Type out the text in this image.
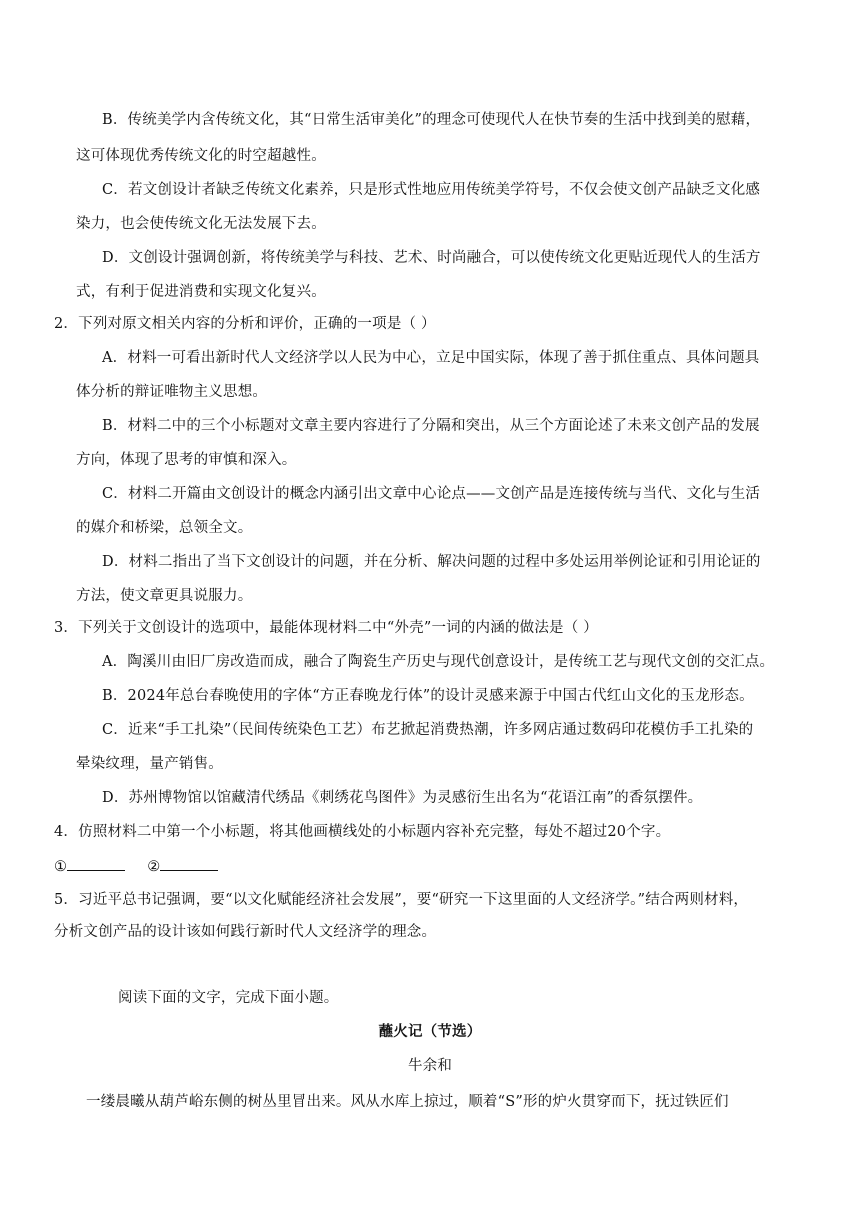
B．传统美学内含传统文化，其“日常生活审美化”的理念可使现代人在快节奏的生活中找到美的慰藉，
这可体现优秀传统文化的时空超越性。
C．若文创设计者缺乏传统文化素养，只是形式性地应用传统美学符号，不仅会使文创产品缺乏文化感
染力，也会使传统文化无法发展下去。
D．文创设计强调创新，将传统美学与科技、艺术、时尚融合，可以使传统文化更贴近现代人的生活方
式，有利于促进消费和实现文化复兴。
2．下列对原文相关内容的分析和评价，正确的一项是（ ）
A．材料一可看出新时代人文经济学以人民为中心，立足中国实际，体现了善于抓住重点、具体问题具
体分析的辩证唯物主义思想。
B．材料二中的三个小标题对文章主要内容进行了分隔和突出，从三个方面论述了未来文创产品的发展
方向，体现了思考的审慎和深入。
C．材料二开篇由文创设计的概念内涵引出文章中心论点——文创产品是连接传统与当代、文化与生活
的媒介和桥梁，总领全文。
D．材料二指出了当下文创设计的问题，并在分析、解决问题的过程中多处运用举例论证和引用论证的
方法，使文章更具说服力。
3．下列关于文创设计的选项中，最能体现材料二中“外壳”一词的内涵的做法是（ ）
A．陶溪川由旧厂房改造而成，融合了陶瓷生产历史与现代创意设计，是传统工艺与现代文创的交汇点。
B．2024年总台春晚使用的字体“方正春晚龙行体”的设计灵感来源于中国古代红山文化的玉龙形态。
C．近来“手工扎染”（民间传统染色工艺）布艺掀起消费热潮，许多网店通过数码印花模仿手工扎染的
晕染纹理，量产销售。
D．苏州博物馆以馆藏清代绣品《刺绣花鸟图件》为灵感衍生出名为“花语江南”的香氛摆件。
4．仿照材料二中第一个小标题，将其他画横线处的小标题内容补充完整，每处不超过20个字。
①	②
5．习近平总书记强调，要“以文化赋能经济社会发展”，要“研究一下这里面的人文经济学。”结合两则材料，
分析文创产品的设计该如何践行新时代人文经济学的理念。
阅读下面的文字，完成下面小题。
蘸火记（节选）
牛余和
一缕晨曦从葫芦峪东侧的树丛里冒出来。风从水库上掠过，顺着“S”形的炉火贯穿而下，抚过铁匠们
